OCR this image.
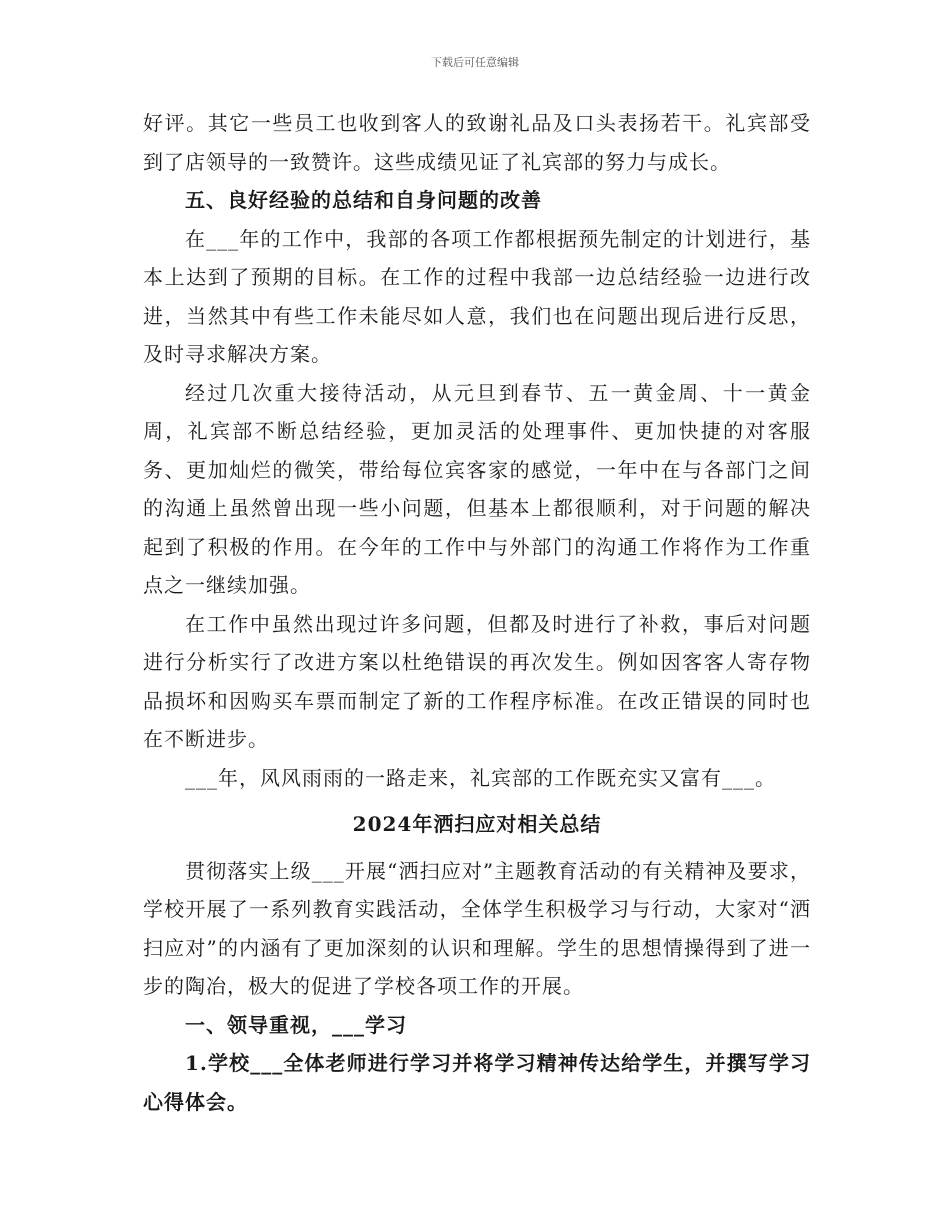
下载后可任意编辑

好评。其它一些员工也收到客人的致谢礼品及口头表扬若干。礼宾部受到了店领导的一致赞许。这些成绩见证了礼宾部的努力与成长。

五、良好经验的总结和自身问题的改善

在___年的工作中，我部的各项工作都根据预先制定的计划进行，基本上达到了预期的目标。在工作的过程中我部一边总结经验一边进行改进，当然其中有些工作未能尽如人意，我们也在问题出现后进行反思，及时寻求解决方案。

经过几次重大接待活动，从元旦到春节、五一黄金周、十一黄金周，礼宾部不断总结经验，更加灵活的处理事件、更加快捷的对客服务、更加灿烂的微笑，带给每位宾客家的感觉，一年中在与各部门之间的沟通上虽然曾出现一些小问题，但基本上都很顺利，对于问题的解决起到了积极的作用。在今年的工作中与外部门的沟通工作将作为工作重点之一继续加强。

在工作中虽然出现过许多问题，但都及时进行了补救，事后对问题进行分析实行了改进方案以杜绝错误的再次发生。例如因客客人寄存物品损坏和因购买车票而制定了新的工作程序标准。在改正错误的同时也在不断进步。

___年，风风雨雨的一路走来，礼宾部的工作既充实又富有___。

2024年洒扫应对相关总结

贯彻落实上级___开展“洒扫应对”主题教育活动的有关精神及要求，学校开展了一系列教育实践活动，全体学生积极学习与行动，大家对“洒扫应对”的内涵有了更加深刻的认识和理解。学生的思想情操得到了进一步的陶冶，极大的促进了学校各项工作的开展。

一、领导重视，___学习

1.学校___全体老师进行学习并将学习精神传达给学生，并撰写学习心得体会。
